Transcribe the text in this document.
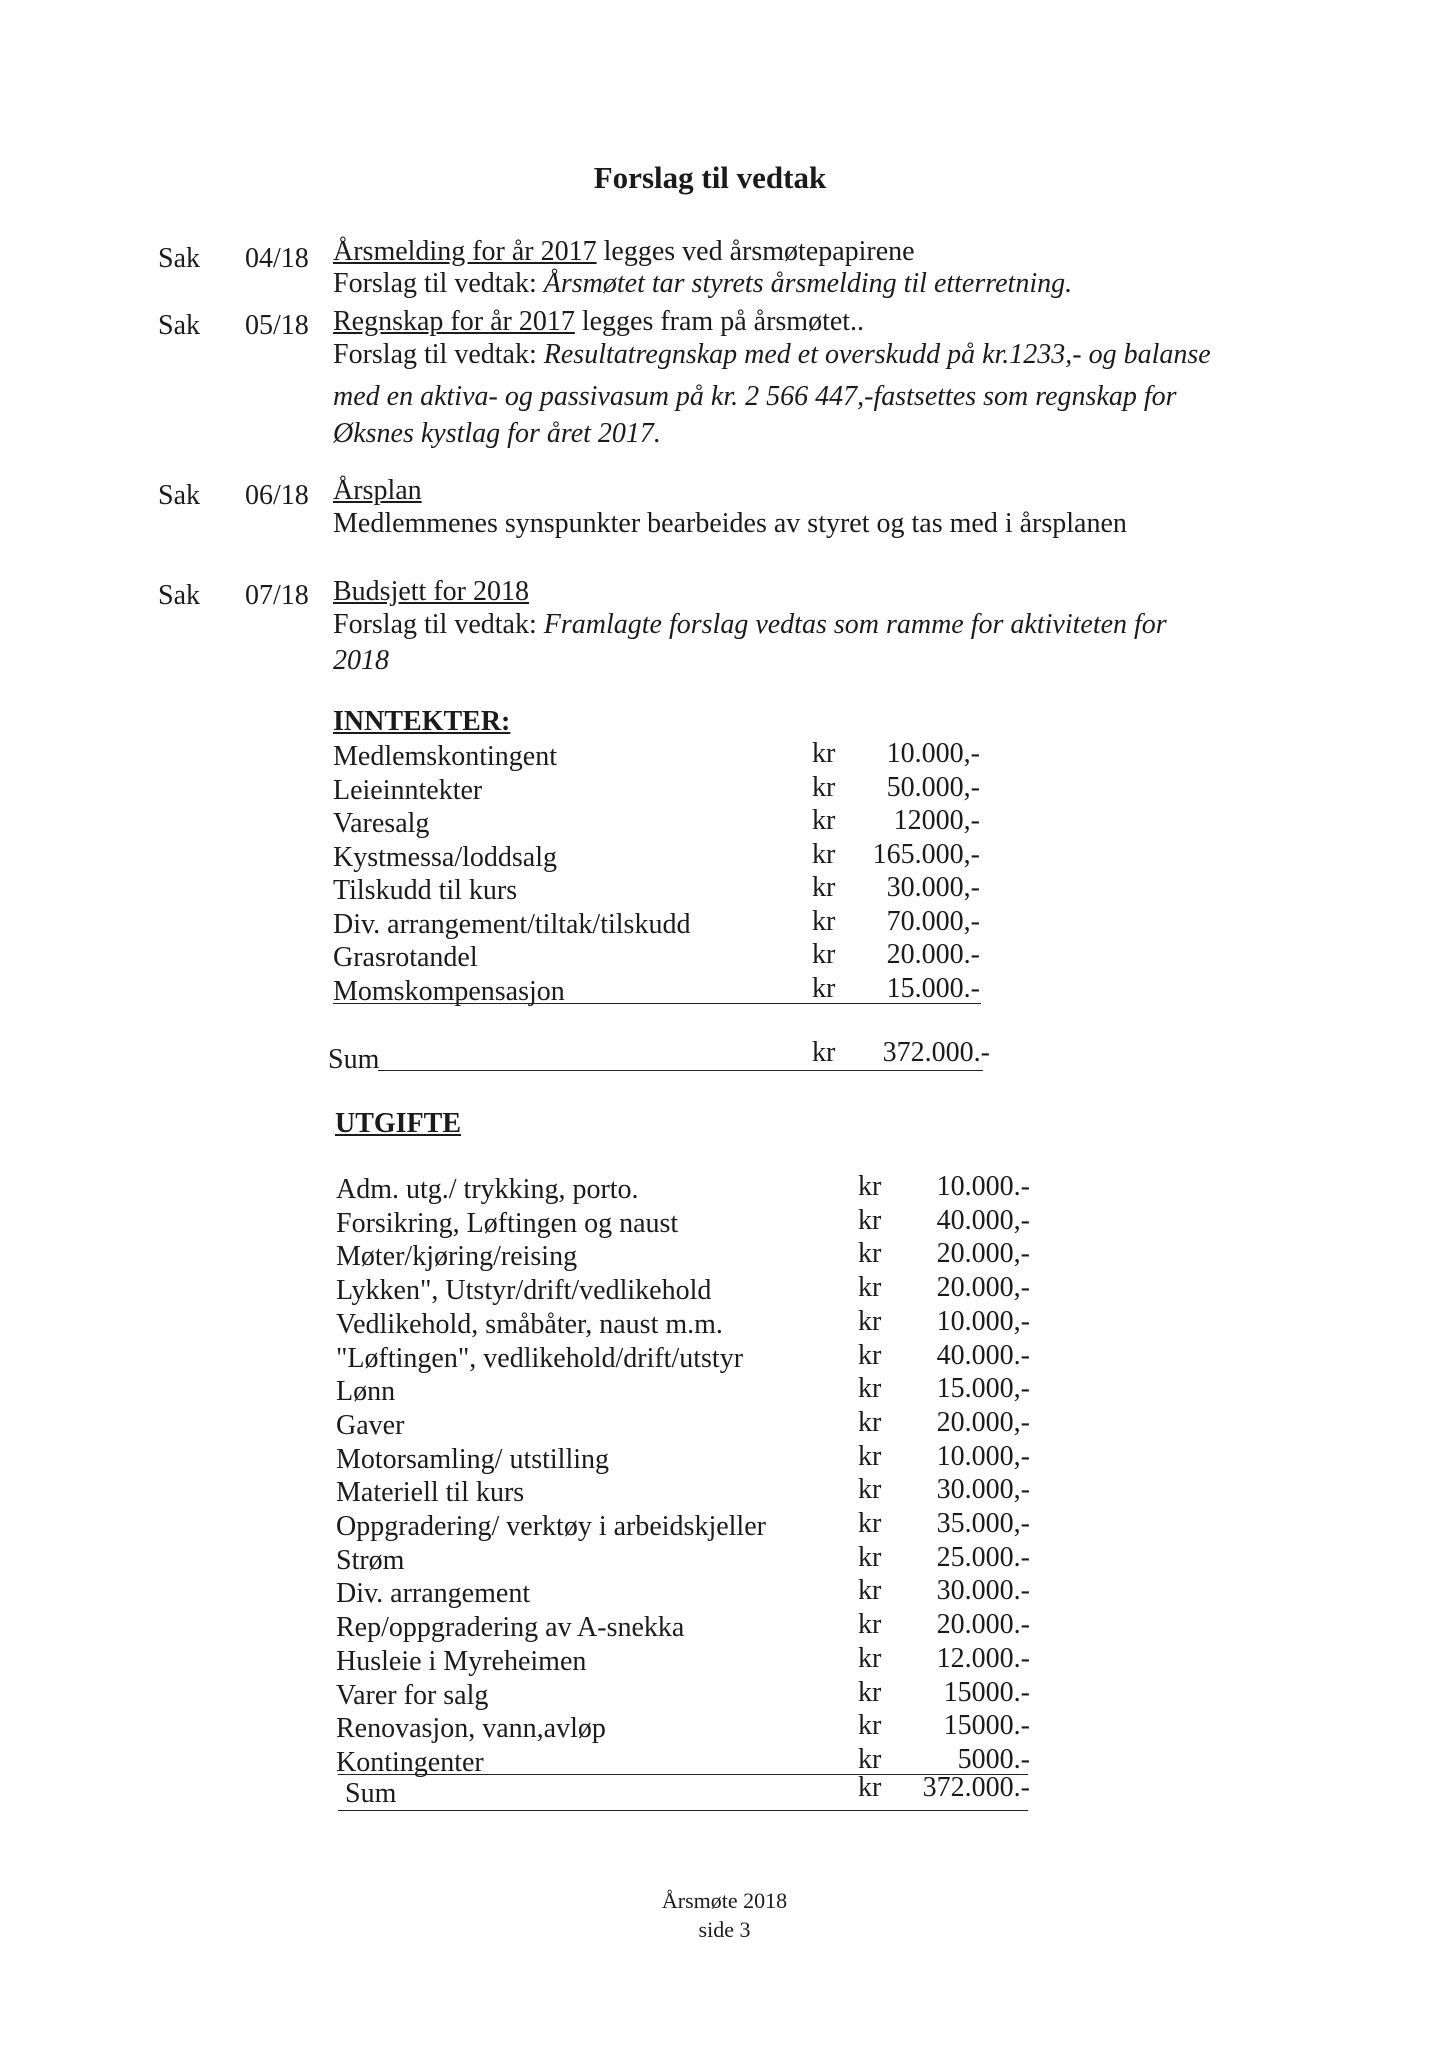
Forslag til vedtak
Sak 04/18 Årsmelding for år 2017 legges ved årsmøtepapirene
Forslag til vedtak: Årsmøtet tar styrets årsmelding til etterretning.
Sak 05/18 Regnskap for år 2017 legges fram på årsmøtet..
Forslag til vedtak: Resultatregnskap med et overskudd på kr.1233,- og balanse
med en aktiva- og passivasum på kr. 2 566 447,-fastsettes som regnskap for
Øksnes kystlag for året 2017.
Sak 06/18 Årsplan
Medlemmenes synspunkter bearbeides av styret og tas med i årsplanen
Sak 07/18 Budsjett for 2018
Forslag til vedtak: Framlagte forslag vedtas som ramme for aktiviteten for
2018
INNTEKTER:
Medlemskontingent	kr	10.000,-
Leieinntekter	kr	50.000,-
Varesalg	kr	12000,-
Kystmessa/loddsalg	kr	165.000,-
Tilskudd til kurs	kr	30.000,-
Div. arrangement/tiltak/tilskudd	kr	70.000,-
Grasrotandel	kr	20.000.-
Momskompensasjon	kr	15.000.-
Sum	kr	372.000.-
UTGIFTE
Adm. utg./ trykking, porto.	kr	10.000.-
Forsikring, Løftingen og naust	kr	40.000,-
Møter/kjøring/reising	kr	20.000,-
Lykken", Utstyr/drift/vedlikehold	kr	20.000,-
Vedlikehold, småbåter, naust m.m.	kr	10.000,-
"Løftingen", vedlikehold/drift/utstyr	kr	40.000.-
Lønn	kr	15.000,-
Gaver	kr	20.000,-
Motorsamling/ utstilling	kr	10.000,-
Materiell til kurs	kr	30.000,-
Oppgradering/ verktøy i arbeidskjeller	kr	35.000,-
Strøm	kr	25.000.-
Div. arrangement	kr	30.000.-
Rep/oppgradering av A-snekka	kr	20.000.-
Husleie i Myreheimen	kr	12.000.-
Varer for salg	kr	15000.-
Renovasjon, vann,avløp	kr	15000.-
Kontingenter	kr	5000.-
Sum	kr	372.000.-
Årsmøte 2018
side 3
